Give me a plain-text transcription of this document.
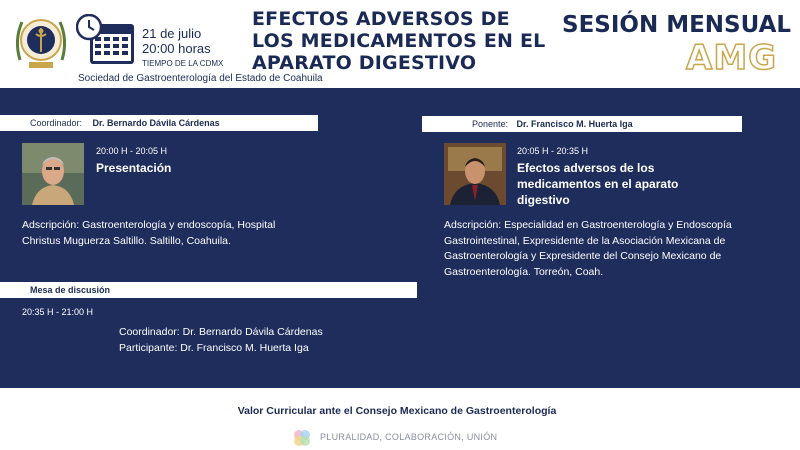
21 de julio
20:00 horas
TIEMPO DE LA CDMX
Sociedad de Gastroenterología del Estado de Coahuila
EFECTOS ADVERSOS DE LOS MEDICAMENTOS EN EL APARATO DIGESTIVO
SESIÓN MENSUAL
AMG
Coordinador: Dr. Bernardo Dávila Cárdenas
20:00 H - 20:05 H
Presentación
Adscripción: Gastroenterología y endoscopía, Hospital Christus Muguerza Saltillo. Saltillo, Coahuila.
Ponente: Dr. Francisco M. Huerta Iga
20:05 H - 20:35 H
Efectos adversos de los medicamentos en el aparato digestivo
Adscripción: Especialidad en Gastroenterología y Endoscopía Gastrointestinal, Expresidente de la Asociación Mexicana de Gastroenterología y Expresidente del Consejo Mexicano de Gastroenterología. Torreón, Coah.
Mesa de discusión
20:35 H - 21:00 H
Coordinador: Dr. Bernardo Dávila Cárdenas
Participante: Dr. Francisco M. Huerta Iga
Valor Curricular ante el Consejo Mexicano de Gastroenterología
PLURALIDAD, COLABORACIÓN, UNIÓN
